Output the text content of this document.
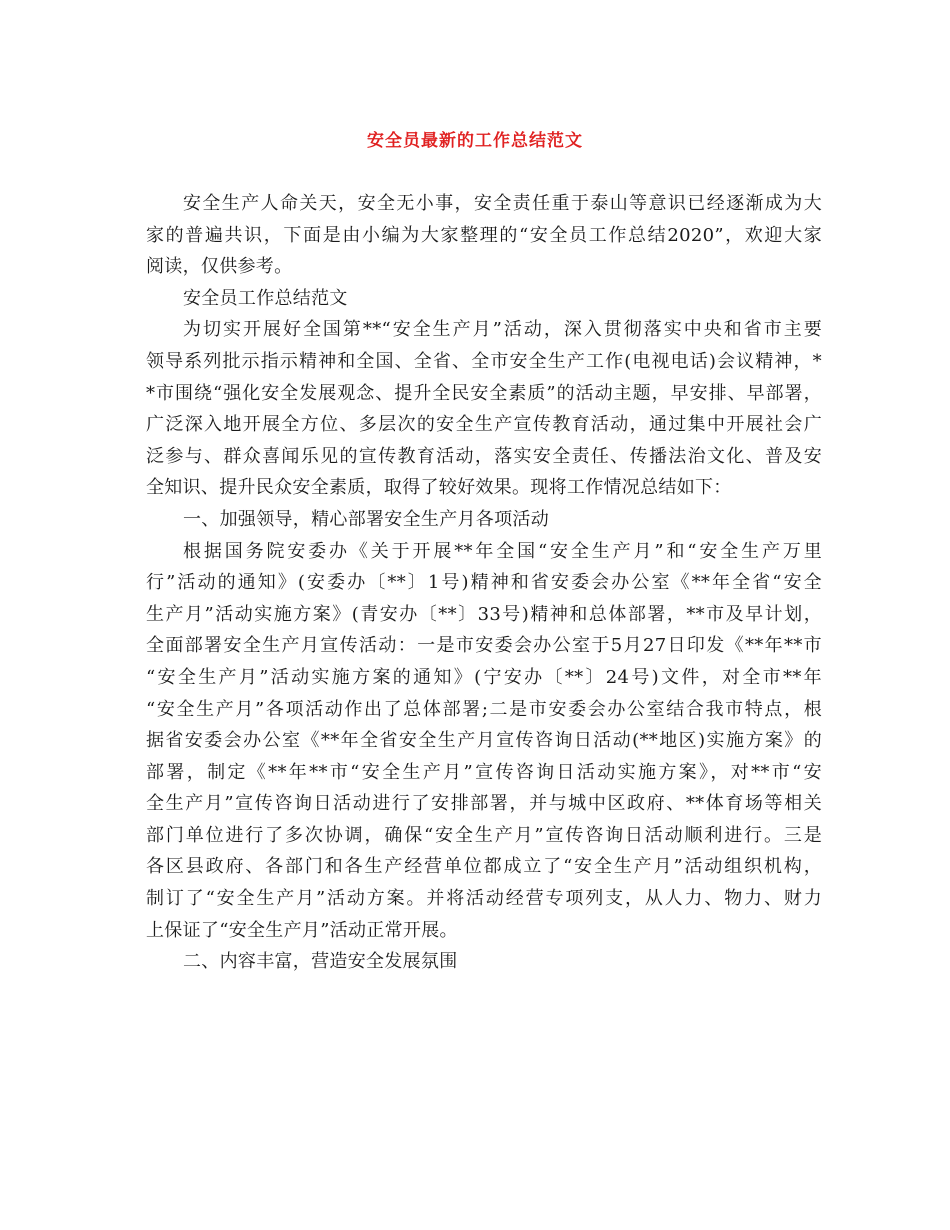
安全员最新的工作总结范文
安全生产人命关天，安全无小事，安全责任重于泰山等意识已经逐渐成为大
家的普遍共识，下面是由小编为大家整理的“安全员工作总结2020”，欢迎大家
阅读，仅供参考。
安全员工作总结范文
为切实开展好全国第**“安全生产月”活动，深入贯彻落实中央和省市主要
领导系列批示指示精神和全国、全省、全市安全生产工作(电视电话)会议精神，*
*市围绕“强化安全发展观念、提升全民安全素质”的活动主题，早安排、早部署，
广泛深入地开展全方位、多层次的安全生产宣传教育活动，通过集中开展社会广
泛参与、群众喜闻乐见的宣传教育活动，落实安全责任、传播法治文化、普及安
全知识、提升民众安全素质，取得了较好效果。现将工作情况总结如下：
一、加强领导，精心部署安全生产月各项活动
根据国务院安委办《关于开展**年全国“安全生产月”和“安全生产万里
行”活动的通知》(安委办〔**〕1号)精神和省安委会办公室《**年全省“安全
生产月”活动实施方案》(青安办〔**〕33号)精神和总体部署，**市及早计划，
全面部署安全生产月宣传活动：一是市安委会办公室于5月27日印发《**年**市
“安全生产月”活动实施方案的通知》(宁安办〔**〕24号)文件，对全市**年
“安全生产月”各项活动作出了总体部署;二是市安委会办公室结合我市特点，根
据省安委会办公室《**年全省安全生产月宣传咨询日活动(**地区)实施方案》的
部署，制定《**年**市“安全生产月”宣传咨询日活动实施方案》，对**市“安
全生产月”宣传咨询日活动进行了安排部署，并与城中区政府、**体育场等相关
部门单位进行了多次协调，确保“安全生产月”宣传咨询日活动顺利进行。三是
各区县政府、各部门和各生产经营单位都成立了“安全生产月”活动组织机构，
制订了“安全生产月”活动方案。并将活动经营专项列支，从人力、物力、财力
上保证了“安全生产月”活动正常开展。
二、内容丰富，营造安全发展氛围
